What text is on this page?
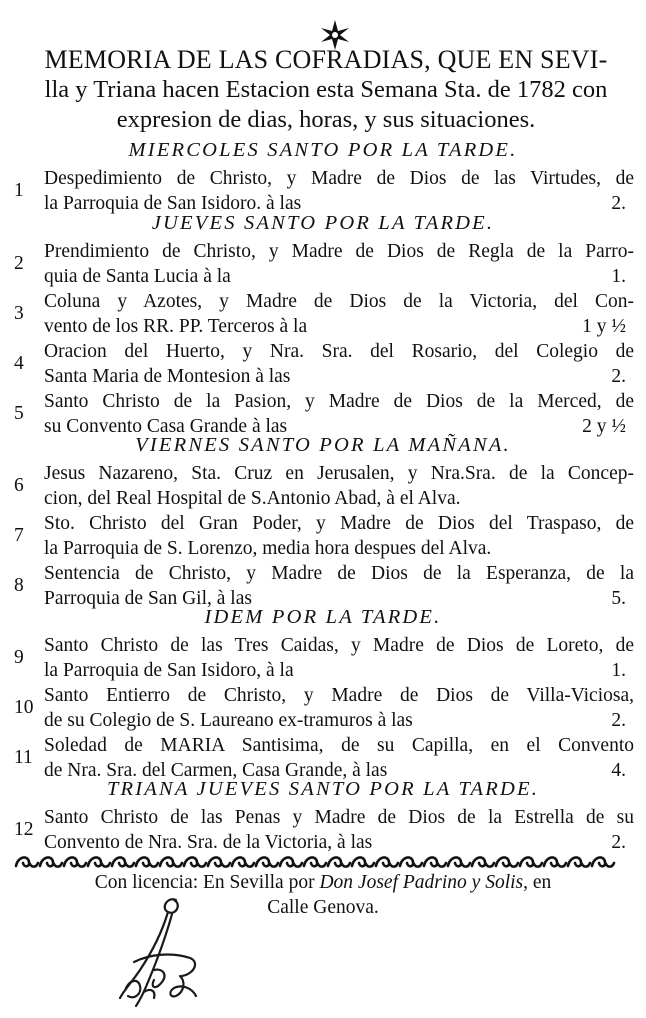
MEMORIA DE LAS COFRADIAS, QUE EN SEVI-
lla y Triana hacen Estacion esta Semana Sta. de 1782 con
expresion de dias, horas, y sus situaciones.
MIERCOLES SANTO POR LA TARDE.
1
Despedimiento de Christo, y Madre de Dios de las Virtudes, de
la Parroquia de San Isidoro. à las	2.
JUEVES SANTO POR LA TARDE.
2
Prendimiento de Christo, y Madre de Dios de Regla de la Parro-
quia de Santa Lucia à la	1.
3
Coluna y Azotes, y Madre de Dios de la Victoria, del Con-
vento de los RR. PP. Terceros à la	1 y ½
4
Oracion del Huerto, y Nra. Sra. del Rosario, del Colegio de
Santa Maria de Montesion à las	2.
5
Santo Christo de la Pasion, y Madre de Dios de la Merced, de
su Convento Casa Grande à las	2 y ½
VIERNES SANTO POR LA MAÑANA.
6
Jesus Nazareno, Sta. Cruz en Jerusalen, y Nra.Sra. de la Concep-
cion, del Real Hospital de S.Antonio Abad, à el Alva.
7
Sto. Christo del Gran Poder, y Madre de Dios del Traspaso, de
la Parroquia de S. Lorenzo, media hora despues del Alva.
8
Sentencia de Christo, y Madre de Dios de la Esperanza, de la
Parroquia de San Gil, à las	5.
IDEM POR LA TARDE.
9
Santo Christo de las Tres Caidas, y Madre de Dios de Loreto, de
la Parroquia de San Isidoro, à la	1.
10
Santo Entierro de Christo, y Madre de Dios de Villa-Viciosa,
de su Colegio de S. Laureano ex-tramuros à las	2.
11
Soledad de MARIA Santisima, de su Capilla, en el Convento
de Nra. Sra. del Carmen, Casa Grande, à las	4.
TRIANA JUEVES SANTO POR LA TARDE.
12
Santo Christo de las Penas y Madre de Dios de la Estrella de su
Convento de Nra. Sra. de la Victoria, à las	2.
Con licencia: En Sevilla por Don Josef Padrino y Solis, en
Calle Genova.
